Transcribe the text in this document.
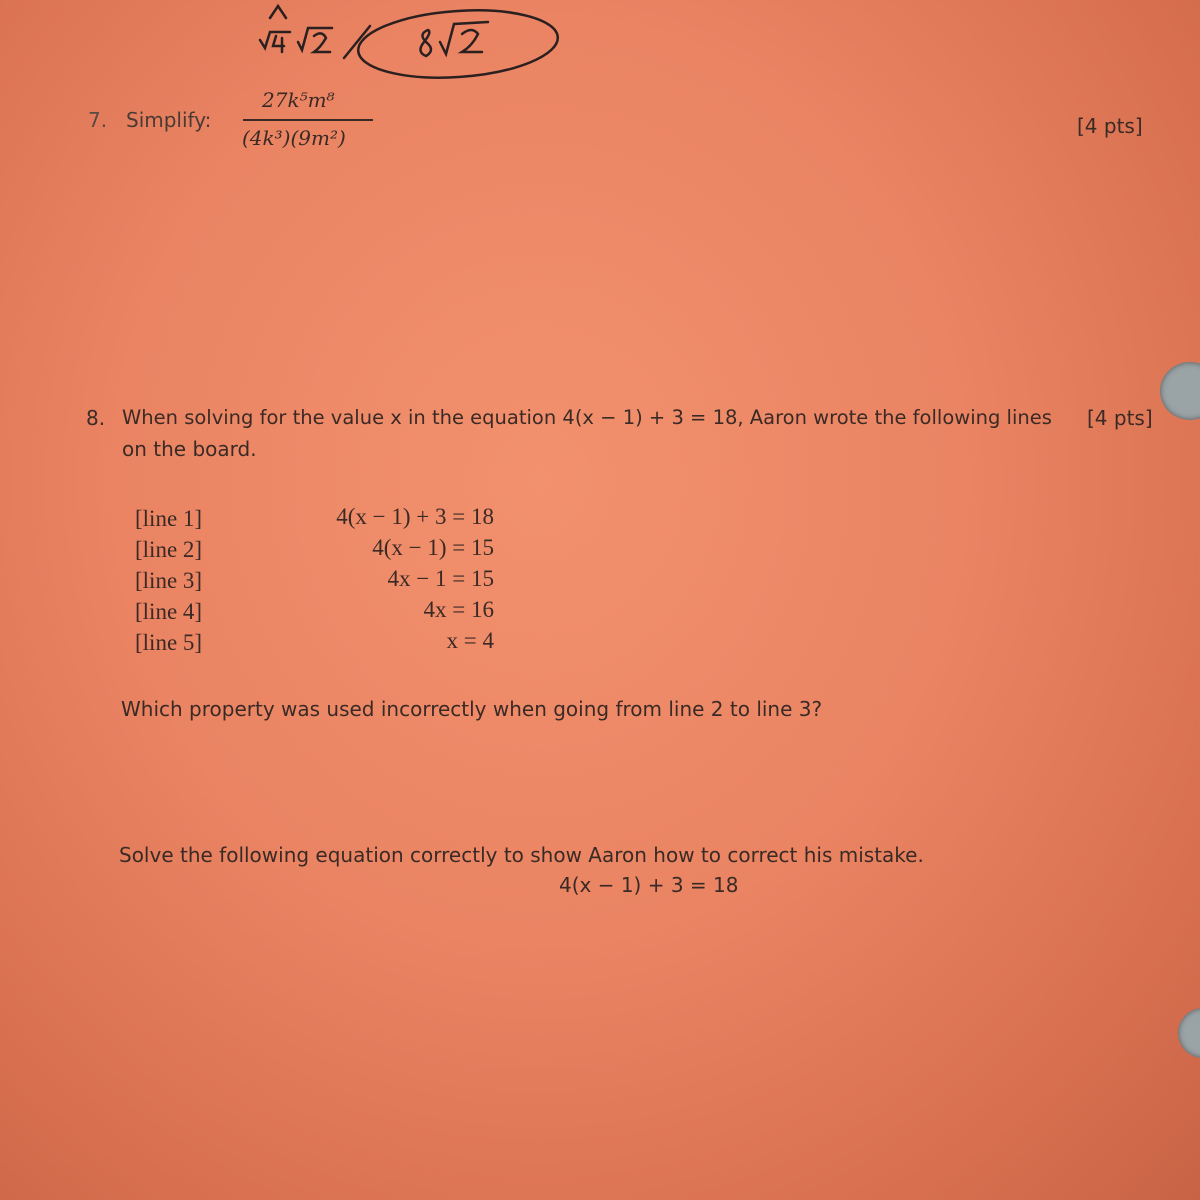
7. Simplify:
27k⁵m⁸
(4k³)(9m²)	[4 pts]
8. When solving for the value x in the equation 4(x − 1) + 3 = 18, Aaron wrote the following lines
on the board.
[4 pts]
[line 1]
[line 2]
[line 3]
[line 4]
[line 5]
4(x − 1) + 3 = 18
4(x − 1) = 15
4x − 1 = 15
4x = 16
x = 4
Which property was used incorrectly when going from line 2 to line 3?
Solve the following equation correctly to show Aaron how to correct his mistake.
4(x − 1) + 3 = 18
